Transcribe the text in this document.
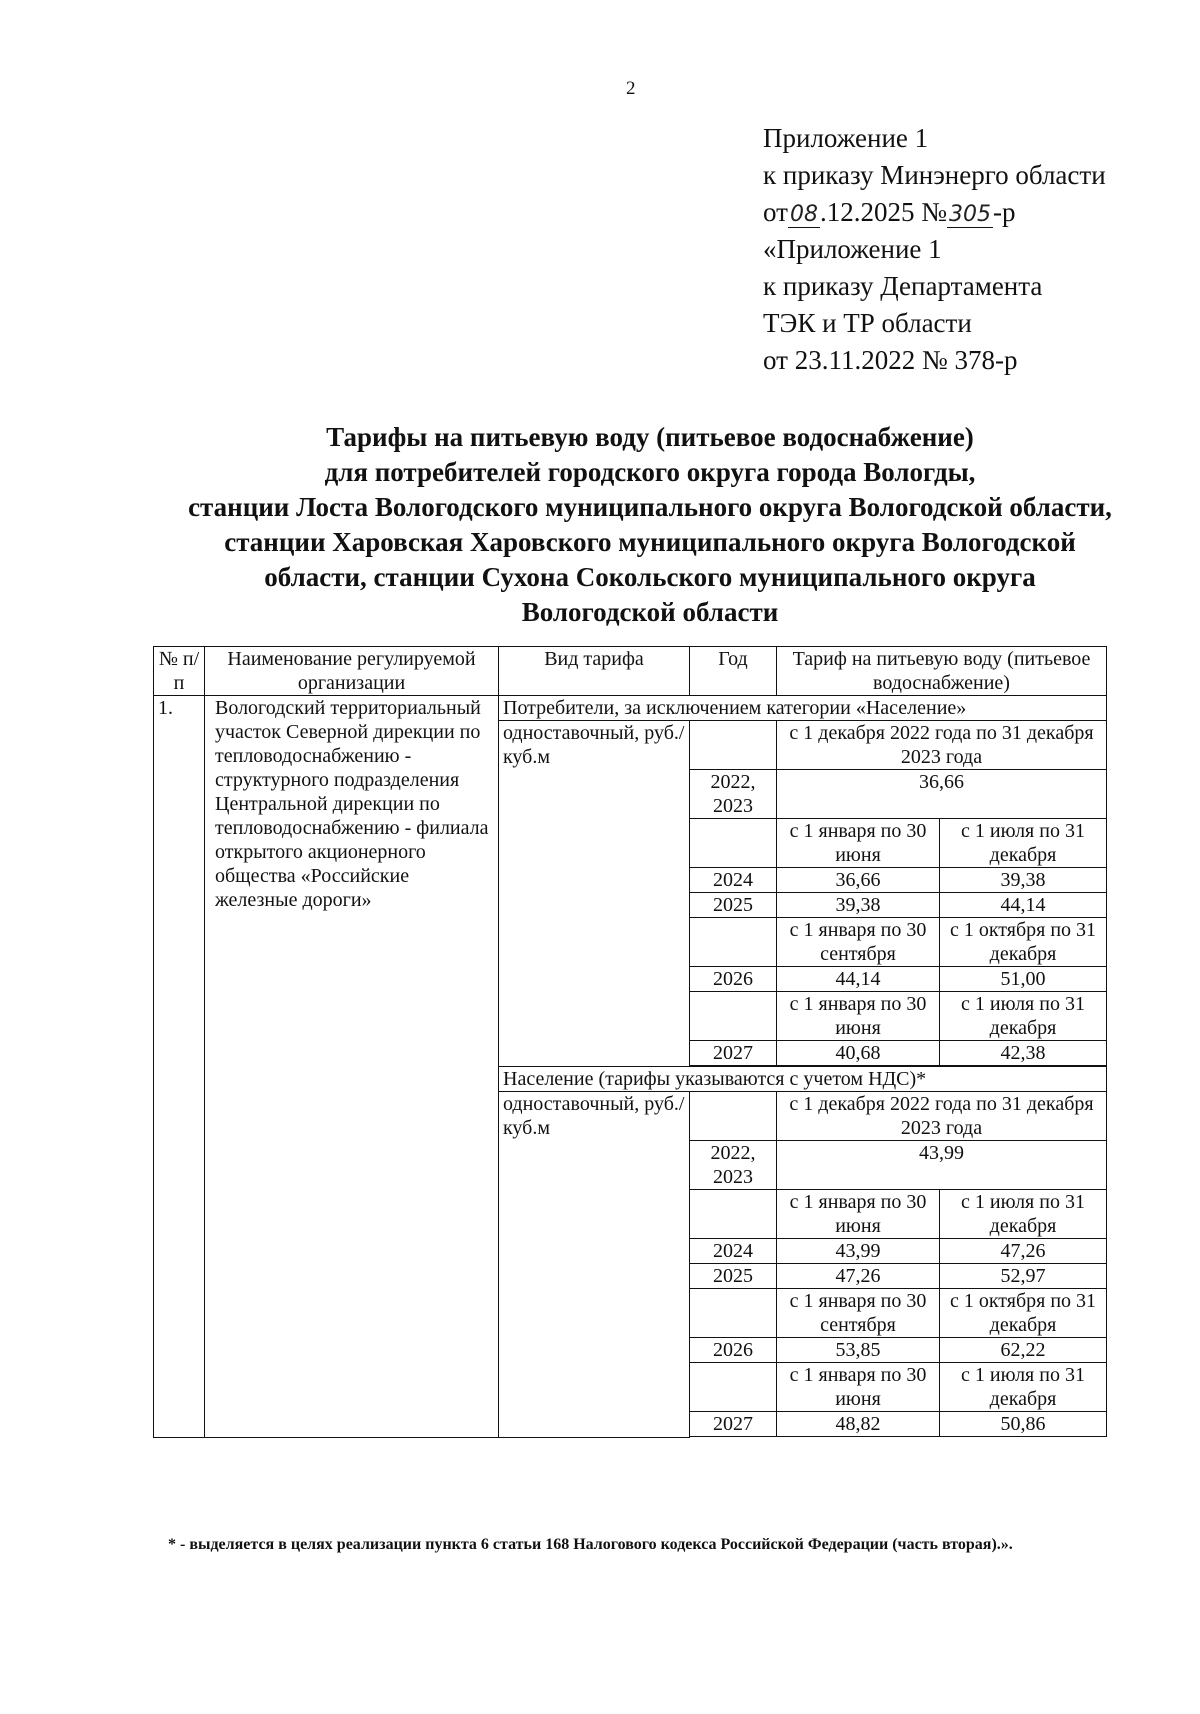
2
Приложение 1
к приказу Минэнерго области
от08.12.2025 №305-р
«Приложение 1
к приказу Департамента
ТЭК и ТР области
от 23.11.2022 № 378-р
Тарифы на питьевую воду (питьевое водоснабжение)
для потребителей городского округа города Вологды,
станции Лоста Вологодского муниципального округа Вологодской области,
станции Харовская Харовского муниципального округа Вологодской
области, станции Сухона Сокольского муниципального округа
Вологодской области
№ п/п	Наименование регулируемой организации	Вид тарифа	Год	Тариф на питьевую воду (питьевое водоснабжение)	
1.	Вологодский территориальный участок Северной дирекции по тепловодоснабжению - структурного подразделения Центральной дирекции по тепловодоснабжению - филиала открытого акционерного общества «Российские железные дороги»	Потребители, за исключением категории «Население»			
		одноставочный, руб./куб.м		с 1 декабря 2022 года по 31 декабря 2023 года	
			2022, 2023	36,66	
				с 1 января по 30 июня	с 1 июля по 31 декабря
			2024	36,66	39,38
			2025	39,38	44,14
				с 1 января по 30 сентября	с 1 октября по 31 декабря
			2026	44,14	51,00
				с 1 января по 30 июня	с 1 июля по 31 декабря
			2027	40,68	42,38

		Население (тарифы указываются с учетом НДС)*			
		одноставочный, руб./куб.м		с 1 декабря 2022 года по 31 декабря 2023 года	
			2022, 2023	43,99	
				с 1 января по 30 июня	с 1 июля по 31 декабря
			2024	43,99	47,26
			2025	47,26	52,97
				с 1 января по 30 сентября	с 1 октября по 31 декабря
			2026	53,85	62,22
				с 1 января по 30 июня	с 1 июля по 31 декабря
			2027	48,82	50,86

* - выделяется в целях реализации пункта 6 статьи 168 Налогового кодекса Российской Федерации (часть вторая).».
